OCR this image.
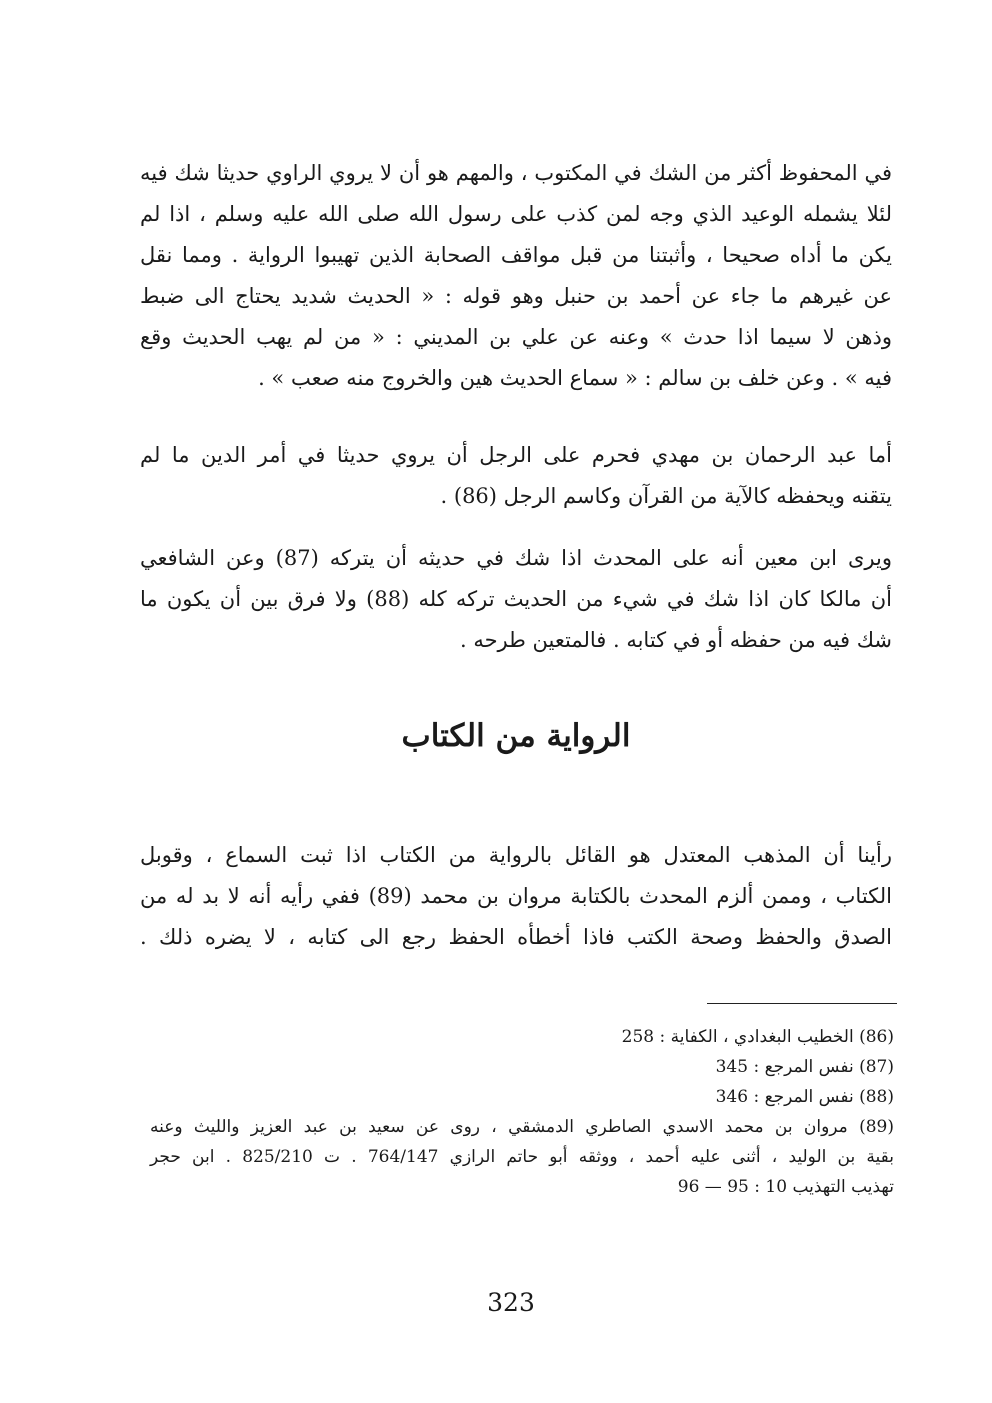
في المحفوظ أكثر من الشك في المكتوب ، والمهم هو أن لا يروي الراوي حديثا شك فيه
لئلا يشمله الوعيد الذي وجه لمن كذب على رسول الله صلى الله عليه وسلم ، اذا لم
يكن ما أداه صحيحا ، وأثبتنا من قبل مواقف الصحابة الذين تهيبوا الرواية . ومما نقل
عن غيرهم ما جاء عن أحمد بن حنبل وهو قوله : « الحديث شديد يحتاج الى ضبط
وذهن لا سيما اذا حدث » وعنه عن علي بن المديني : « من لم يهب الحديث وقع
فيه » . وعن خلف بن سالم : « سماع الحديث هين والخروج منه صعب » .
أما عبد الرحمان بن مهدي فحرم على الرجل أن يروي حديثا في أمر الدين ما لم
يتقنه ويحفظه كالآية من القرآن وكاسم الرجل (86) .
ويرى ابن معين أنه على المحدث اذا شك في حديثه أن يتركه (87) وعن الشافعي
أن مالكا كان اذا شك في شيء من الحديث تركه كله (88) ولا فرق بين أن يكون ما
شك فيه من حفظه أو في كتابه . فالمتعين طرحه .
الرواية من الكتاب
رأينا أن المذهب المعتدل هو القائل بالرواية من الكتاب اذا ثبت السماع ، وقوبل
الكتاب ، وممن ألزم المحدث بالكتابة مروان بن محمد (89) ففي رأيه أنه لا بد له من
الصدق والحفظ وصحة الكتب فاذا أخطأه الحفظ رجع الى كتابه ، لا يضره ذلك .
(86) الخطيب البغدادي ، الكفاية : 258
(87) نفس المرجع : 345
(88) نفس المرجع : 346
(89) مروان بن محمد الاسدي الصاطري الدمشقي ، روى عن سعيد بن عبد العزيز والليث وعنه
بقية بن الوليد ، أثنى عليه أحمد ، ووثقه أبو حاتم الرازي 764/147 . ت 825/210 . ابن حجر
تهذيب التهذيب 10 : 95 — 96
323
